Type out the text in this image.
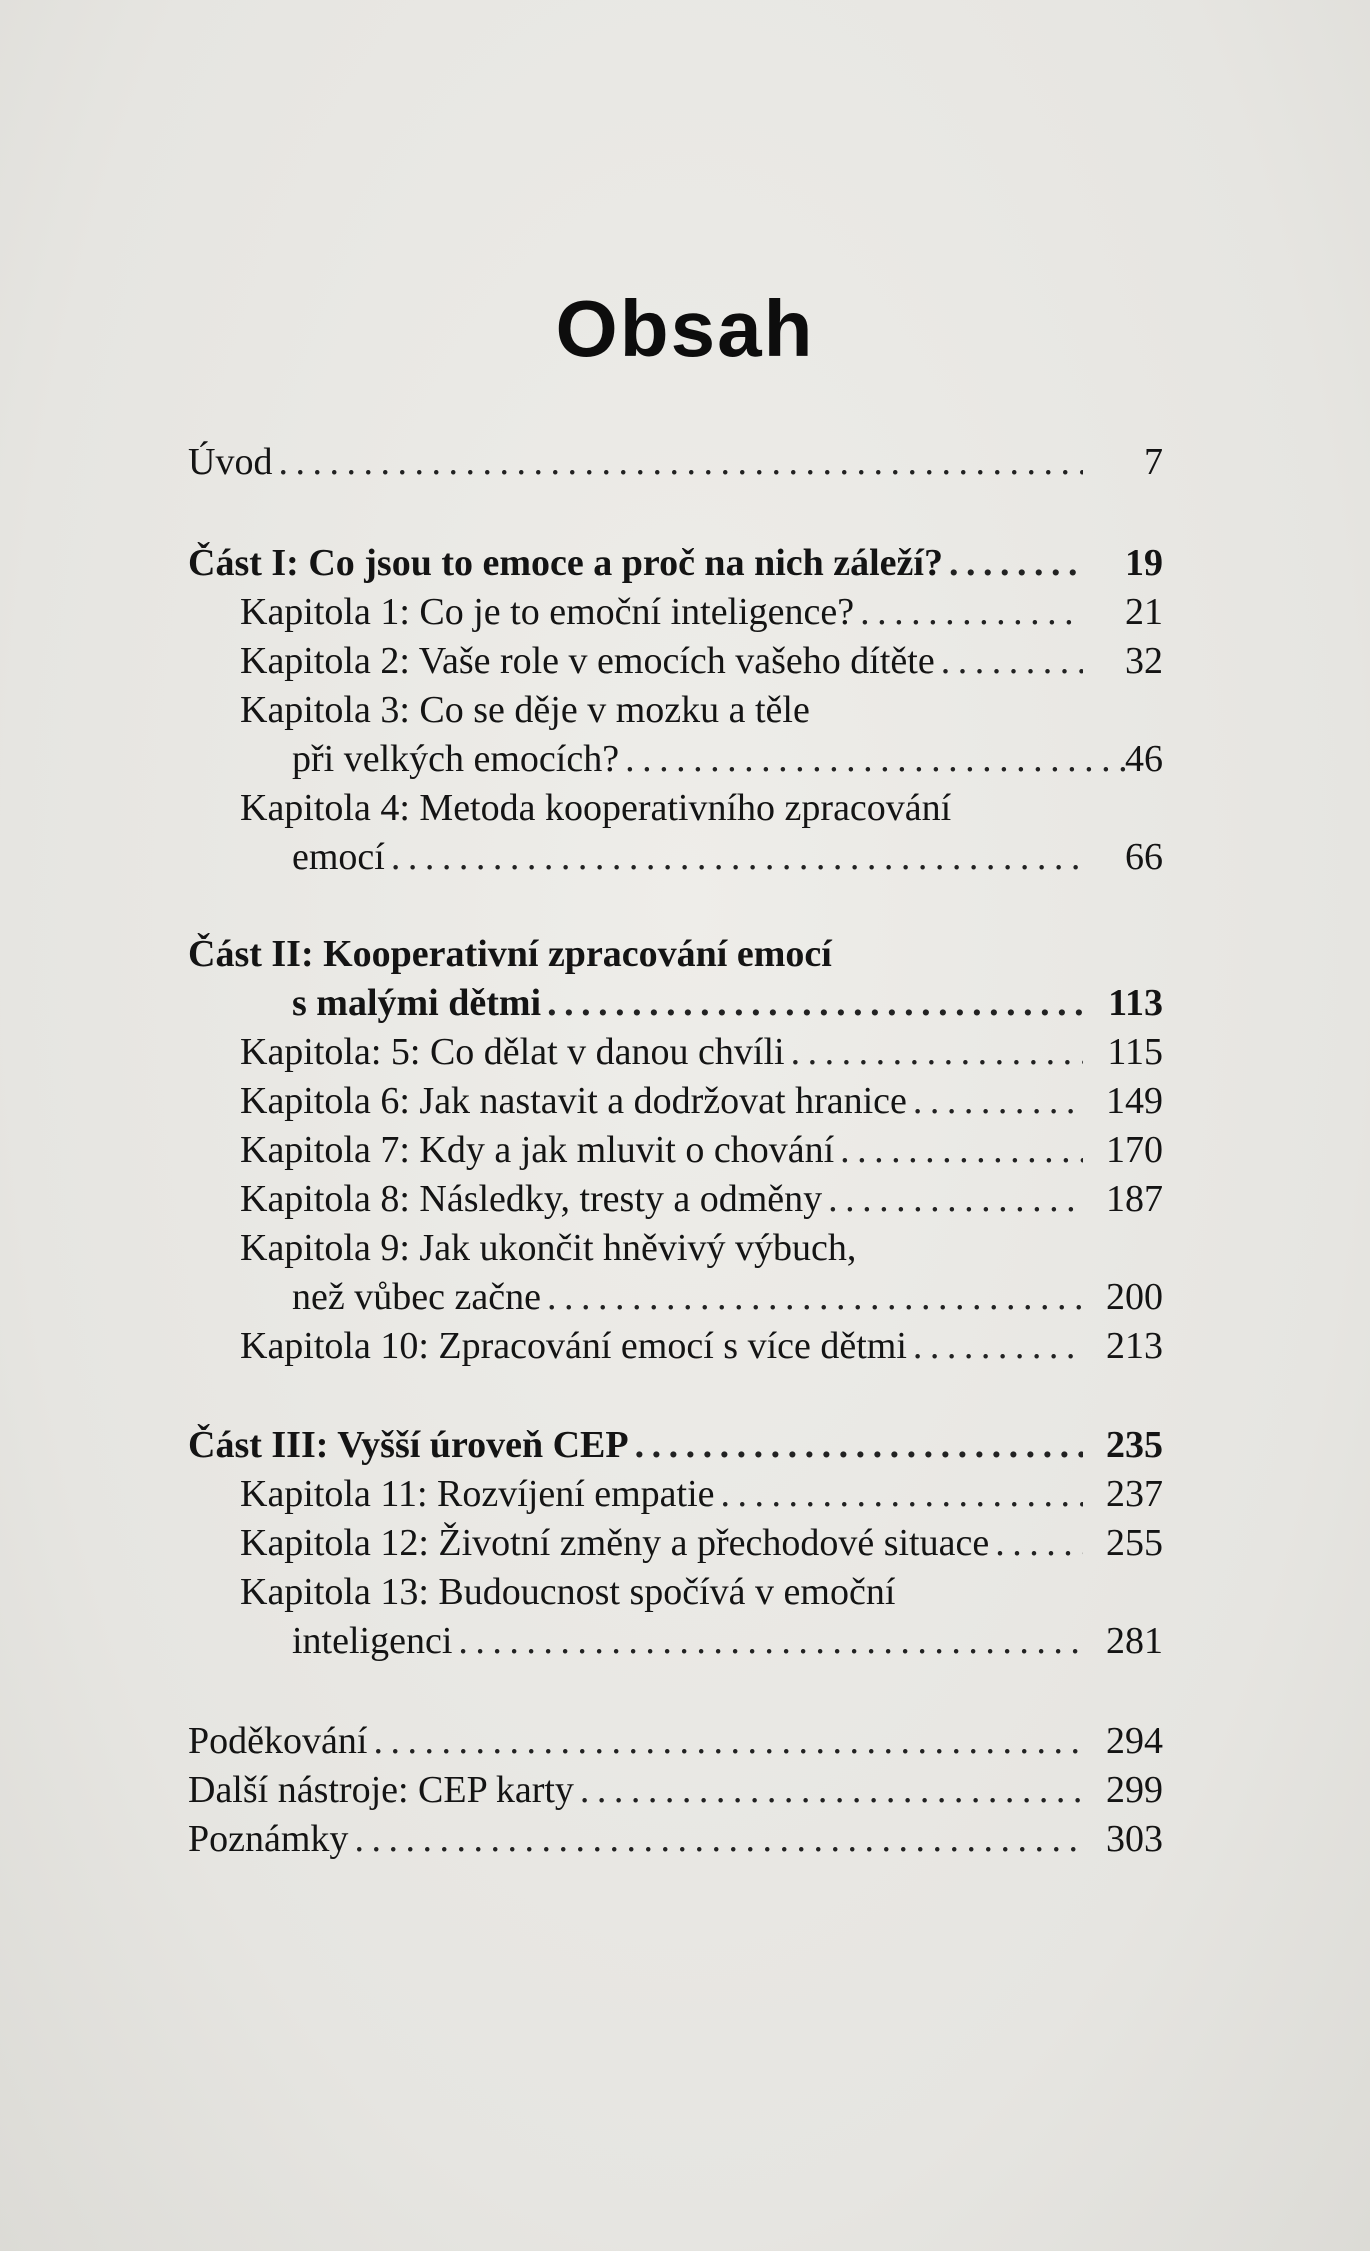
Obsah
Úvod . . .	7
Část I: Co jsou to emoce a proč na nich záleží? . . .	19
Kapitola 1: Co je to emoční inteligence? . . .	21
Kapitola 2: Vaše role v emocích vašeho dítěte . . .	32
Kapitola 3: Co se děje v mozku a těle
při velkých emocích? . . .	46
Kapitola 4: Metoda kooperativního zpracování
emocí . . .	66
Část II: Kooperativní zpracování emocí
s malými dětmi . . .	113
Kapitola: 5: Co dělat v danou chvíli . . .	115
Kapitola 6: Jak nastavit a dodržovat hranice . . .	149
Kapitola 7: Kdy a jak mluvit o chování . . .	170
Kapitola 8: Následky, tresty a odměny . . .	187
Kapitola 9: Jak ukončit hněvivý výbuch,
než vůbec začne . . .	200
Kapitola 10: Zpracování emocí s více dětmi . . .	213
Část III: Vyšší úroveň CEP . . .	235
Kapitola 11: Rozvíjení empatie . . .	237
Kapitola 12: Životní změny a přechodové situace . . .	255
Kapitola 13: Budoucnost spočívá v emoční
inteligenci . . .	281
Poděkování . . .	294
Další nástroje: CEP karty . . .	299
Poznámky . . .	303
